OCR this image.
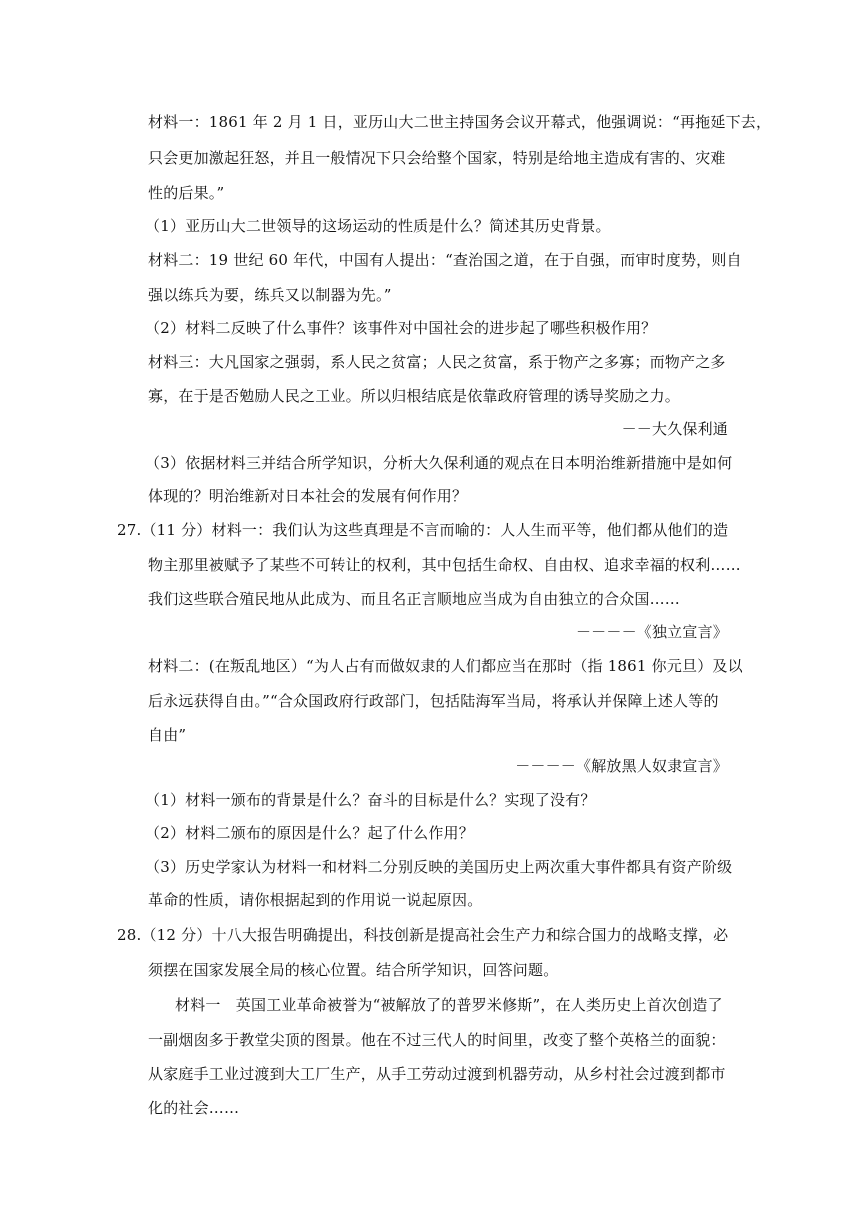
材料一：1861 年 2 月 1 日，亚历山大二世主持国务会议开幕式，他强调说：“再拖延下去，
只会更加激起狂怒，并且一般情况下只会给整个国家，特别是给地主造成有害的、灾难
性的后果。”
（1）亚历山大二世领导的这场运动的性质是什么？简述其历史背景。
材料二：19 世纪 60 年代，中国有人提出：“查治国之道，在于自强，而审时度势，则自
强以练兵为要，练兵又以制器为先。”
（2）材料二反映了什么事件？该事件对中国社会的进步起了哪些积极作用？
材料三：大凡国家之强弱，系人民之贫富；人民之贫富，系于物产之多寡；而物产之多
寡，在于是否勉励人民之工业。所以归根结底是依靠政府管理的诱导奖励之力。
－－大久保利通
（3）依据材料三并结合所学知识，分析大久保利通的观点在日本明治维新措施中是如何
体现的？明治维新对日本社会的发展有何作用？
27.（11 分）材料一：我们认为这些真理是不言而喻的：人人生而平等，他们都从他们的造
物主那里被赋予了某些不可转让的权利，其中包括生命权、自由权、追求幸福的权利……
我们这些联合殖民地从此成为、而且名正言顺地应当成为自由独立的合众国……
－－－－《独立宣言》
材料二：(在叛乱地区）“为人占有而做奴隶的人们都应当在那时（指 1861 你元旦）及以
后永远获得自由。”“合众国政府行政部门，包括陆海军当局，将承认并保障上述人等的
自由”
－－－－《解放黑人奴隶宣言》
（1）材料一颁布的背景是什么？奋斗的目标是什么？实现了没有？
（2）材料二颁布的原因是什么？起了什么作用？
（3）历史学家认为材料一和材料二分别反映的美国历史上两次重大事件都具有资产阶级
革命的性质，请你根据起到的作用说一说起原因。
28.（12 分）十八大报告明确提出，科技创新是提高社会生产力和综合国力的战略支撑，必
须摆在国家发展全局的核心位置。结合所学知识，回答问题。
材料一　英国工业革命被誉为“被解放了的普罗米修斯”，在人类历史上首次创造了
一副烟囱多于教堂尖顶的图景。他在不过三代人的时间里，改变了整个英格兰的面貌：
从家庭手工业过渡到大工厂生产，从手工劳动过渡到机器劳动，从乡村社会过渡到都市
化的社会……
